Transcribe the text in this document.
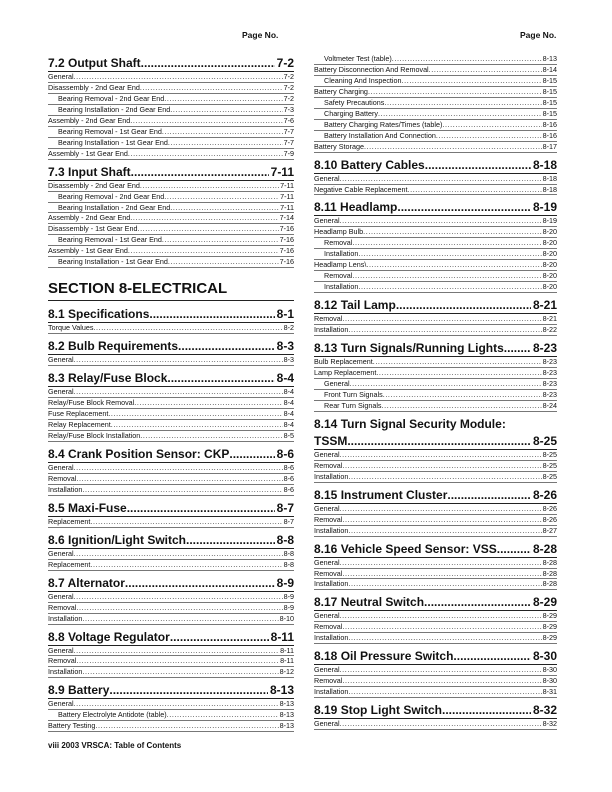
Page No.	Page No.
7.2 Output Shaft .....	7-2
General .....	7-2
Disassembly - 2nd Gear End .....	7-2
Bearing Removal - 2nd Gear End .....	7-2
Bearing Installation - 2nd Gear End .....	7-3
Assembly - 2nd Gear End .....	7-6
Bearing Removal - 1st Gear End .....	7-7
Bearing Installation - 1st Gear End .....	7-7
Assembly - 1st Gear End .....	7-9
7.3 Input Shaft .....	7-11
Disassembly - 2nd Gear End .....	7-11
Bearing Removal - 2nd Gear End .....	7-11
Bearing Installation - 2nd Gear End .....	7-11
Assembly - 2nd Gear End .....	7-14
Disassembly - 1st Gear End .....	7-16
Bearing Removal - 1st Gear End .....	7-16
Assembly - 1st Gear End .....	7-16
Bearing Installation - 1st Gear End .....	7-16
SECTION 8-ELECTRICAL
8.1 Specifications .....	8-1
Torque Values .....	8-2
8.2 Bulb Requirements .....	8-3
General .....	8-3
8.3 Relay/Fuse Block .....	8-4
General .....	8-4
Relay/Fuse Block Removal .....	8-4
Fuse Replacement .....	8-4
Relay Replacement .....	8-4
Relay/Fuse Block Installation .....	8-5
8.4 Crank Position Sensor: CKP .....	8-6
General .....	8-6
Removal .....	8-6
Installation .....	8-6
8.5 Maxi-Fuse .....	8-7
Replacement .....	8-7
8.6 Ignition/Light Switch .....	8-8
General .....	8-8
Replacement .....	8-8
8.7 Alternator .....	8-9
General .....	8-9
Removal .....	8-9
Installation .....	8-10
8.8 Voltage Regulator .....	8-11
General .....	8-11
Removal .....	8-11
Installation .....	8-12
8.9 Battery .....	8-13
General .....	8-13
Battery Electrolyte Antidote (table) .....	8-13
Battery Testing .....	8-13
Voltmeter Test (table) .....	8-13
Battery Disconnection And Removal .....	8-14
Cleaning And Inspection .....	8-15
Battery Charging .....	8-15
Safety Precautions .....	8-15
Charging Battery .....	8-15
Battery Charging Rates/Times (table) .....	8-16
Battery Installation And Connection .....	8-16
Battery Storage .....	8-17
8.10 Battery Cables .....	8-18
General .....	8-18
Negative Cable Replacement .....	8-18
8.11 Headlamp .....	8-19
General .....	8-19
Headlamp Bulb .....	8-20
Removal .....	8-20
Installation .....	8-20
Headlamp Lens\ .....	8-20
Removal .....	8-20
Installation .....	8-20
8.12 Tail Lamp .....	8-21
Removal .....	8-21
Installation .....	8-22
8.13 Turn Signals/Running Lights ..... 8-23
Bulb Replacement .....	8-23
Lamp Replacement .....	8-23
General .....	8-23
Front Turn Signals .....	8-23
Rear Turn Signals .....	8-24
8.14 Turn Signal Security Module:
TSSM .....	8-25
General .....	8-25
Removal .....	8-25
Installation .....	8-25
8.15 Instrument Cluster .....	8-26
General .....	8-26
Removal .....	8-26
Installation .....	8-27
8.16 Vehicle Speed Sensor: VSS .....	8-28
General .....	8-28
Removal .....	8-28
Installation .....	8-28
8.17 Neutral Switch .....	8-29
General .....	8-29
Removal .....	8-29
Installation .....	8-29
8.18 Oil Pressure Switch .....	8-30
General .....	8-30
Removal .....	8-30
Installation .....	8-31
8.19 Stop Light Switch .....	8-32
General .....	8-32
viii 2003 VRSCA: Table of Contents
